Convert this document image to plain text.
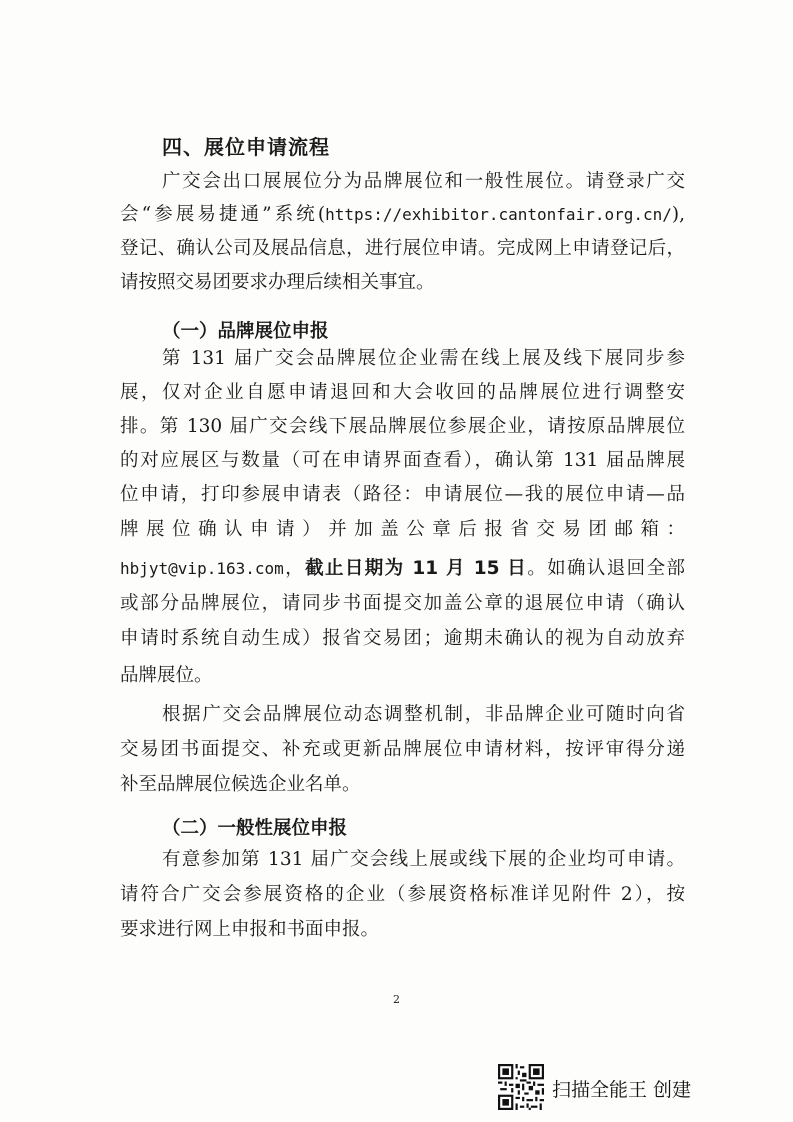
四、展位申请流程
广交会出口展展位分为品牌展位和一般性展位。请登录广交
会“参展易捷通”系统(https://exhibitor.cantonfair.org.cn/),
登记、确认公司及展品信息，进行展位申请。完成网上申请登记后，
请按照交易团要求办理后续相关事宜。
（一）品牌展位申报
第 131 届广交会品牌展位企业需在线上展及线下展同步参
展，仅对企业自愿申请退回和大会收回的品牌展位进行调整安
排。第 130 届广交会线下展品牌展位参展企业，请按原品牌展位
的对应展区与数量（可在申请界面查看），确认第 131 届品牌展
位申请，打印参展申请表（路径：申请展位—我的展位申请—品
牌展位确认申请）并加盖公章后报省交易团邮箱：
hbjyt@vip.163.com，截止日期为 11 月 15 日。如确认退回全部
或部分品牌展位，请同步书面提交加盖公章的退展位申请（确认
申请时系统自动生成）报省交易团；逾期未确认的视为自动放弃
品牌展位。
根据广交会品牌展位动态调整机制，非品牌企业可随时向省
交易团书面提交、补充或更新品牌展位申请材料，按评审得分递
补至品牌展位候选企业名单。
（二）一般性展位申报
有意参加第 131 届广交会线上展或线下展的企业均可申请。
请符合广交会参展资格的企业（参展资格标准详见附件 2），按
要求进行网上申报和书面申报。
2
扫描全能王 创建
